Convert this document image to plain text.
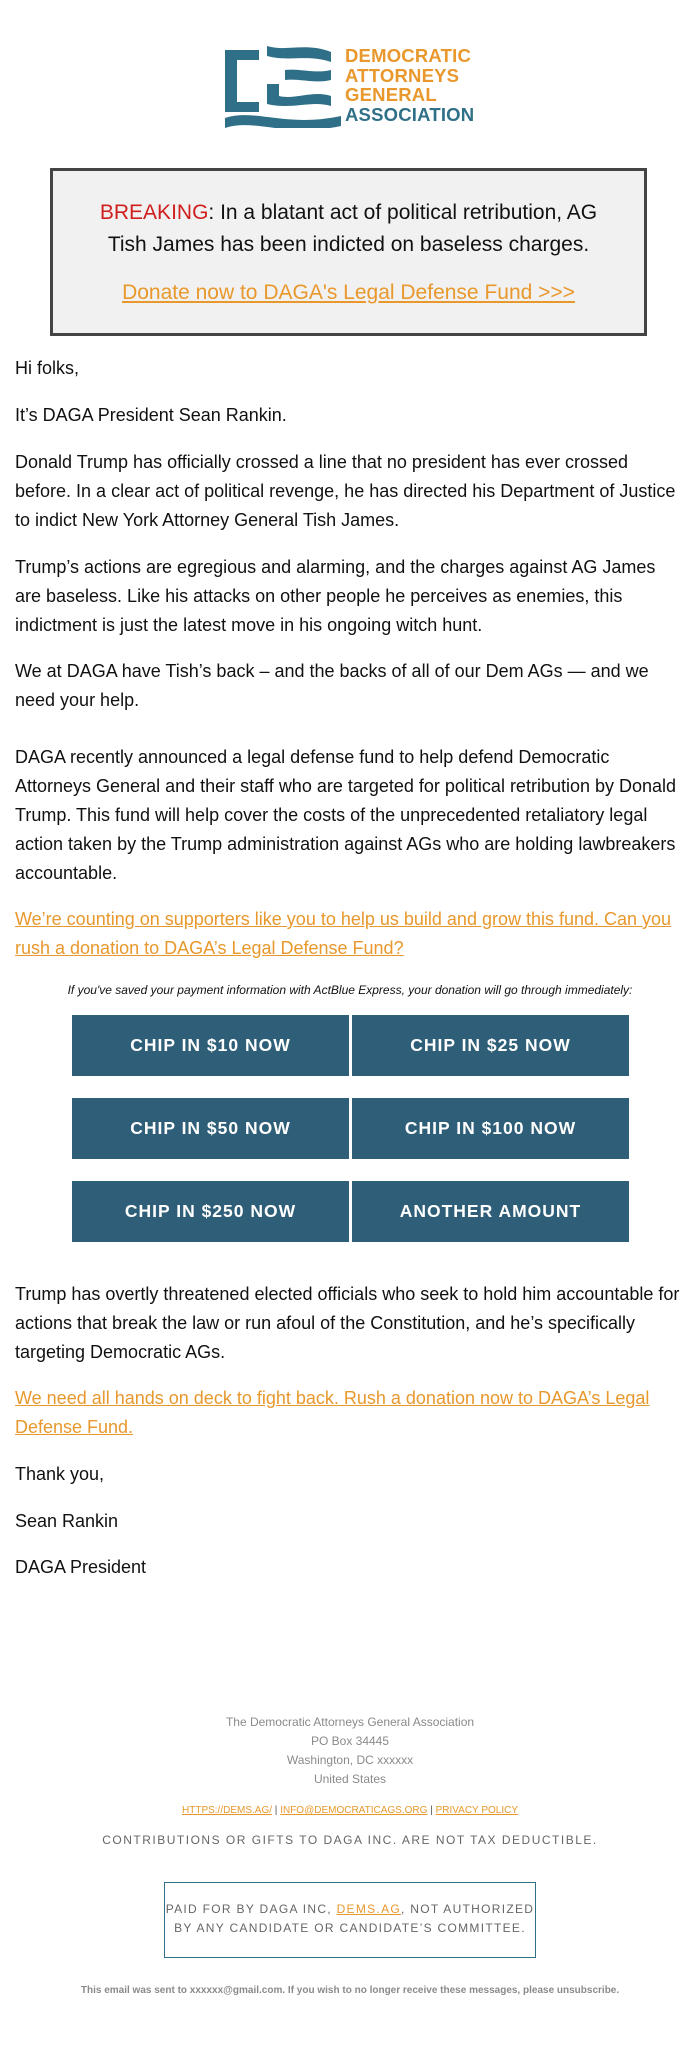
DEMOCRATIC
ATTORNEYS
GENERAL
ASSOCIATION
BREAKING: In a blatant act of political retribution, AG Tish James has been indicted on baseless charges.
Donate now to DAGA's Legal Defense Fund >>>

Hi folks,

It’s DAGA President Sean Rankin.

Donald Trump has officially crossed a line that no president has ever crossed before. In a clear act of political revenge, he has directed his Department of Justice to indict New York Attorney General Tish James.

Trump’s actions are egregious and alarming, and the charges against AG James are baseless. Like his attacks on other people he perceives as enemies, this indictment is just the latest move in his ongoing witch hunt.

We at DAGA have Tish’s back – and the backs of all of our Dem AGs — and we need your help.

DAGA recently announced a legal defense fund to help defend Democratic Attorneys General and their staff who are targeted for political retribution by Donald Trump. This fund will help cover the costs of the unprecedented retaliatory legal action taken by the Trump administration against AGs who are holding lawbreakers accountable.

We’re counting on supporters like you to help us build and grow this fund. Can you rush a donation to DAGA’s Legal Defense Fund?
If you've saved your payment information with ActBlue Express, your donation will go through immediately:
CHIP IN $10 NOW	CHIP IN $25 NOW
CHIP IN $50 NOW	CHIP IN $100 NOW
CHIP IN $250 NOW	ANOTHER AMOUNT

Trump has overtly threatened elected officials who seek to hold him accountable for actions that break the law or run afoul of the Constitution, and he’s specifically targeting Democratic AGs.

We need all hands on deck to fight back. Rush a donation now to DAGA’s Legal Defense Fund.

Thank you,

Sean Rankin

DAGA President

The Democratic Attorneys General Association
PO Box 34445
Washington, DC xxxxxx
United States
HTTPS://DEMS.AG/ | INFO@DEMOCRATICAGS.ORG | PRIVACY POLICY
CONTRIBUTIONS OR GIFTS TO DAGA INC. ARE NOT TAX DEDUCTIBLE.
PAID FOR BY DAGA INC, DEMS.AG, NOT AUTHORIZED BY ANY CANDIDATE OR CANDIDATE’S COMMITTEE.
This email was sent to xxxxxx@gmail.com. If you wish to no longer receive these messages, please unsubscribe.
